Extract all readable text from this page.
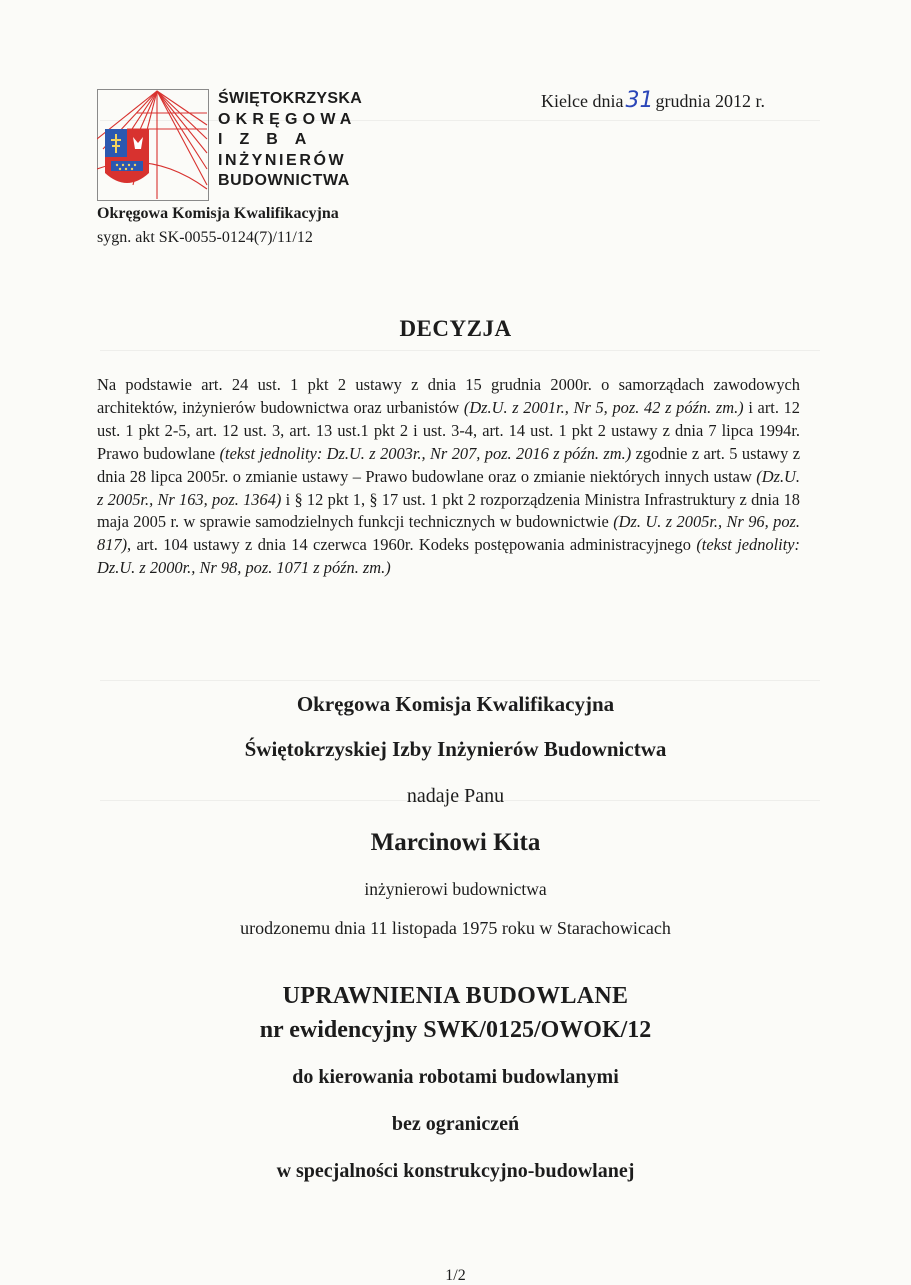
ŚWIĘTOKRZYSKA
OKRĘGOWA
IZBA
INŻYNIERÓW
BUDOWNICTWA
Kielce dnia31 grudnia 2012 r.
Okręgowa Komisja Kwalifikacyjna
sygn. akt SK-0055-0124(7)/11/12
DECYZJA
Na podstawie art. 24 ust. 1 pkt 2 ustawy z dnia 15 grudnia 2000r. o samorządach zawodowych architektów, inżynierów budownictwa oraz urbanistów (Dz.U. z 2001r., Nr 5, poz. 42 z późn. zm.) i art. 12 ust. 1 pkt 2-5, art. 12 ust. 3, art. 13 ust.1 pkt 2 i ust. 3-4, art. 14 ust. 1 pkt 2 ustawy z dnia 7 lipca 1994r. Prawo budowlane (tekst jednolity: Dz.U. z 2003r., Nr 207, poz. 2016 z późn. zm.) zgodnie z art. 5 ustawy z dnia 28 lipca 2005r. o zmianie ustawy – Prawo budowlane oraz o zmianie niektórych innych ustaw (Dz.U. z 2005r., Nr 163, poz. 1364) i § 12 pkt 1, § 17 ust. 1 pkt 2 rozporządzenia Ministra Infrastruktury z dnia 18 maja 2005 r. w sprawie samodzielnych funkcji technicznych w budownictwie (Dz. U. z 2005r., Nr 96, poz. 817), art. 104 ustawy z dnia 14 czerwca 1960r. Kodeks postępowania administracyjnego (tekst jednolity: Dz.U. z 2000r., Nr 98, poz. 1071 z późn. zm.)
Okręgowa Komisja Kwalifikacyjna
Świętokrzyskiej Izby Inżynierów Budownictwa
nadaje Panu
Marcinowi Kita
inżynierowi budownictwa
urodzonemu dnia 11 listopada 1975 roku w Starachowicach
UPRAWNIENIA BUDOWLANE
nr ewidencyjny SWK/0125/OWOK/12
do kierowania robotami budowlanymi
bez ograniczeń
w specjalności konstrukcyjno-budowlanej
1/2
